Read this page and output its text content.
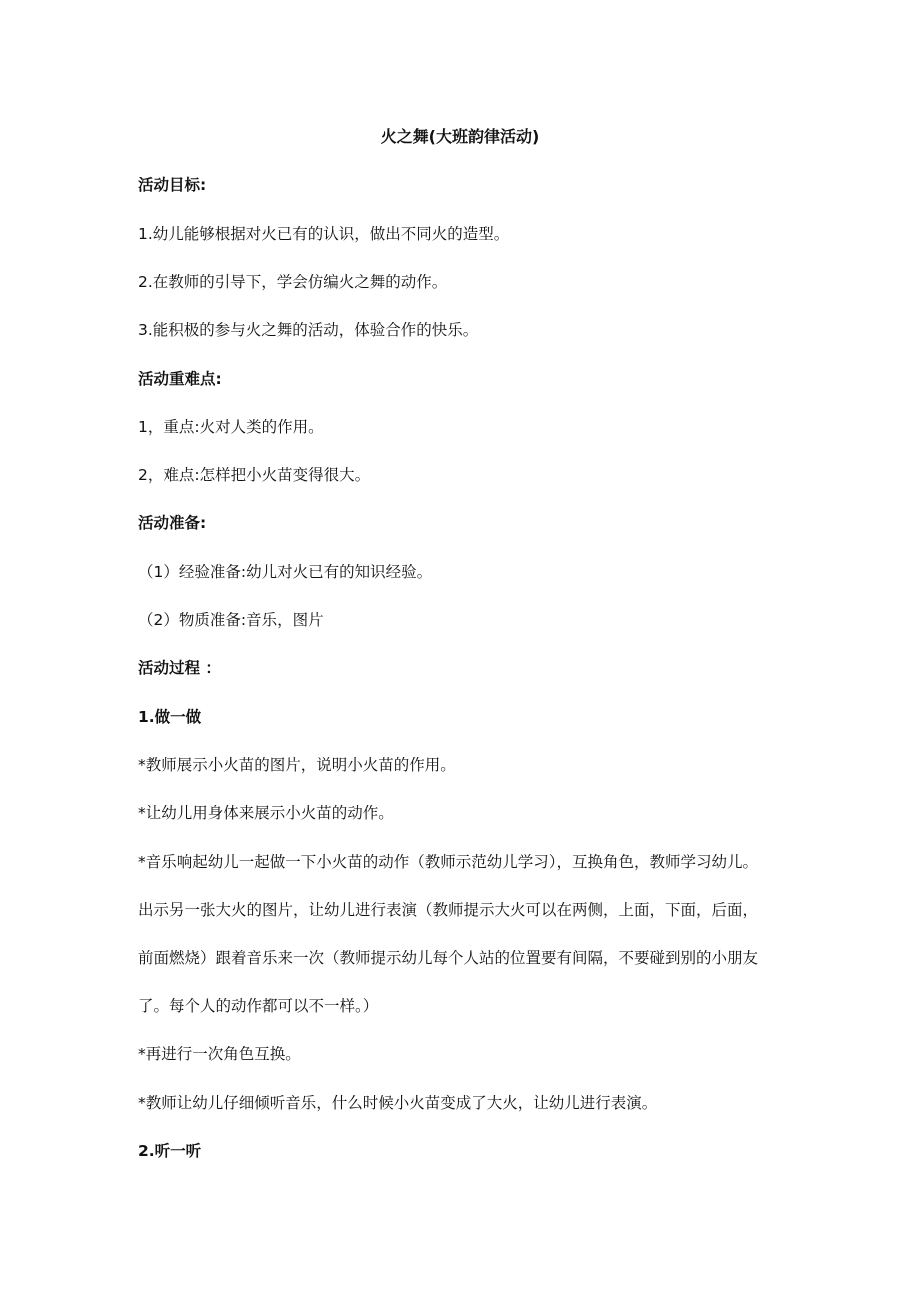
火之舞(大班韵律活动)
活动目标:
1.幼儿能够根据对火已有的认识，做出不同火的造型。
2.在教师的引导下，学会仿编火之舞的动作。
3.能积极的参与火之舞的活动，体验合作的快乐。
活动重难点:
1，重点:火对人类的作用。
2，难点:怎样把小火苗变得很大。
活动准备:
（1）经验准备:幼儿对火已有的知识经验。
（2）物质准备:音乐，图片
活动过程 ：
1.做一做
*教师展示小火苗的图片，说明小火苗的作用。
*让幼儿用身体来展示小火苗的动作。
*音乐响起幼儿一起做一下小火苗的动作（教师示范幼儿学习），互换角色，教师学习幼儿。
出示另一张大火的图片，让幼儿进行表演（教师提示大火可以在两侧，上面，下面，后面，
前面燃烧）跟着音乐来一次（教师提示幼儿每个人站的位置要有间隔，不要碰到别的小朋友
了。每个人的动作都可以不一样。）
*再进行一次角色互换。
*教师让幼儿仔细倾听音乐，什么时候小火苗变成了大火，让幼儿进行表演。
2.听一听
